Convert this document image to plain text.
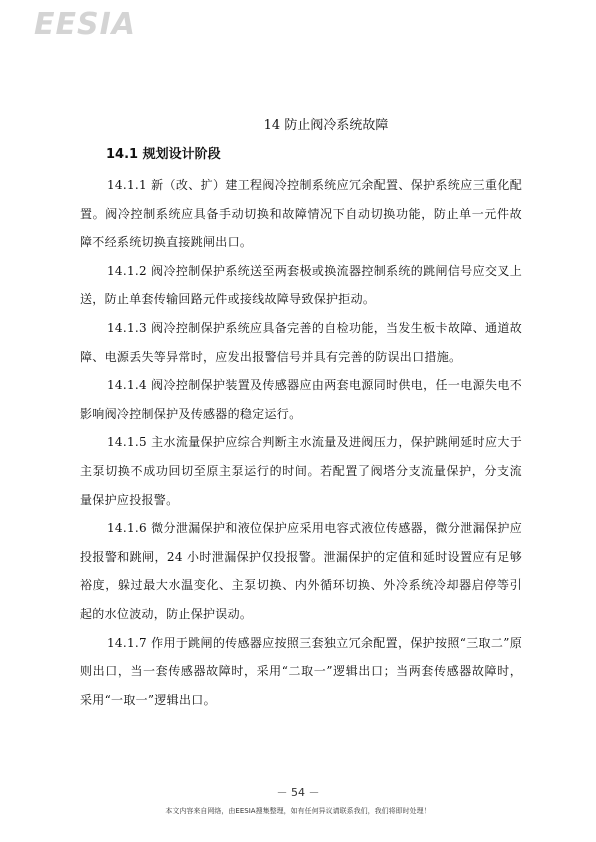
EESIA
14 防止阀冷系统故障
14.1 规划设计阶段

14.1.1 新（改、扩）建工程阀冷控制系统应冗余配置、保护系统应三重化配置。阀冷控制系统应具备手动切换和故障情况下自动切换功能，防止单一元件故障不经系统切换直接跳闸出口。

14.1.2 阀冷控制保护系统送至两套极或换流器控制系统的跳闸信号应交叉上送，防止单套传输回路元件或接线故障导致保护拒动。

14.1.3 阀冷控制保护系统应具备完善的自检功能，当发生板卡故障、通道故障、电源丢失等异常时，应发出报警信号并具有完善的防误出口措施。

14.1.4 阀冷控制保护装置及传感器应由两套电源同时供电，任一电源失电不影响阀冷控制保护及传感器的稳定运行。

14.1.5 主水流量保护应综合判断主水流量及进阀压力，保护跳闸延时应大于主泵切换不成功回切至原主泵运行的时间。若配置了阀塔分支流量保护，分支流量保护应投报警。

14.1.6 微分泄漏保护和液位保护应采用电容式液位传感器，微分泄漏保护应投报警和跳闸，24 小时泄漏保护仅投报警。泄漏保护的定值和延时设置应有足够裕度，躲过最大水温变化、主泵切换、内外循环切换、外冷系统冷却器启停等引起的水位波动，防止保护误动。

14.1.7 作用于跳闸的传感器应按照三套独立冗余配置，保护按照“三取二”原则出口，当一套传感器故障时，采用“二取一”逻辑出口；当两套传感器故障时，采用“一取一”逻辑出口。

－ 54 －
本文内容来自网络，由EESIA搜集整理，如有任何异议请联系我们，我们将即时处理！
